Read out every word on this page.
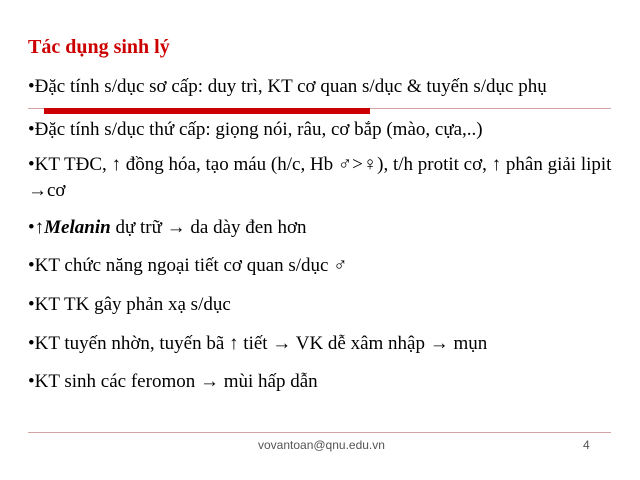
Tác dụng sinh lý
•Đặc tính s/dục sơ cấp: duy trì, KT cơ quan s/dục & tuyến s/dục phụ
•Đặc tính s/dục thứ cấp: giọng nói, râu, cơ bắp (mào, cựa,..)
•KT TĐC, ↑ đồng hóa, tạo máu (h/c, Hb ♂>♀), t/h protit cơ, ↑ phân giải lipit →cơ
•↑Melanin dự trữ → da dày đen hơn
•KT chức năng ngoại tiết cơ quan s/dục ♂
•KT TK gây phản xạ s/dục
•KT tuyến nhờn, tuyến bã ↑ tiết → VK dễ xâm nhập → mụn
•KT sinh các feromon → mùi hấp dẫn
vovantoan@qnu.edu.vn	4
